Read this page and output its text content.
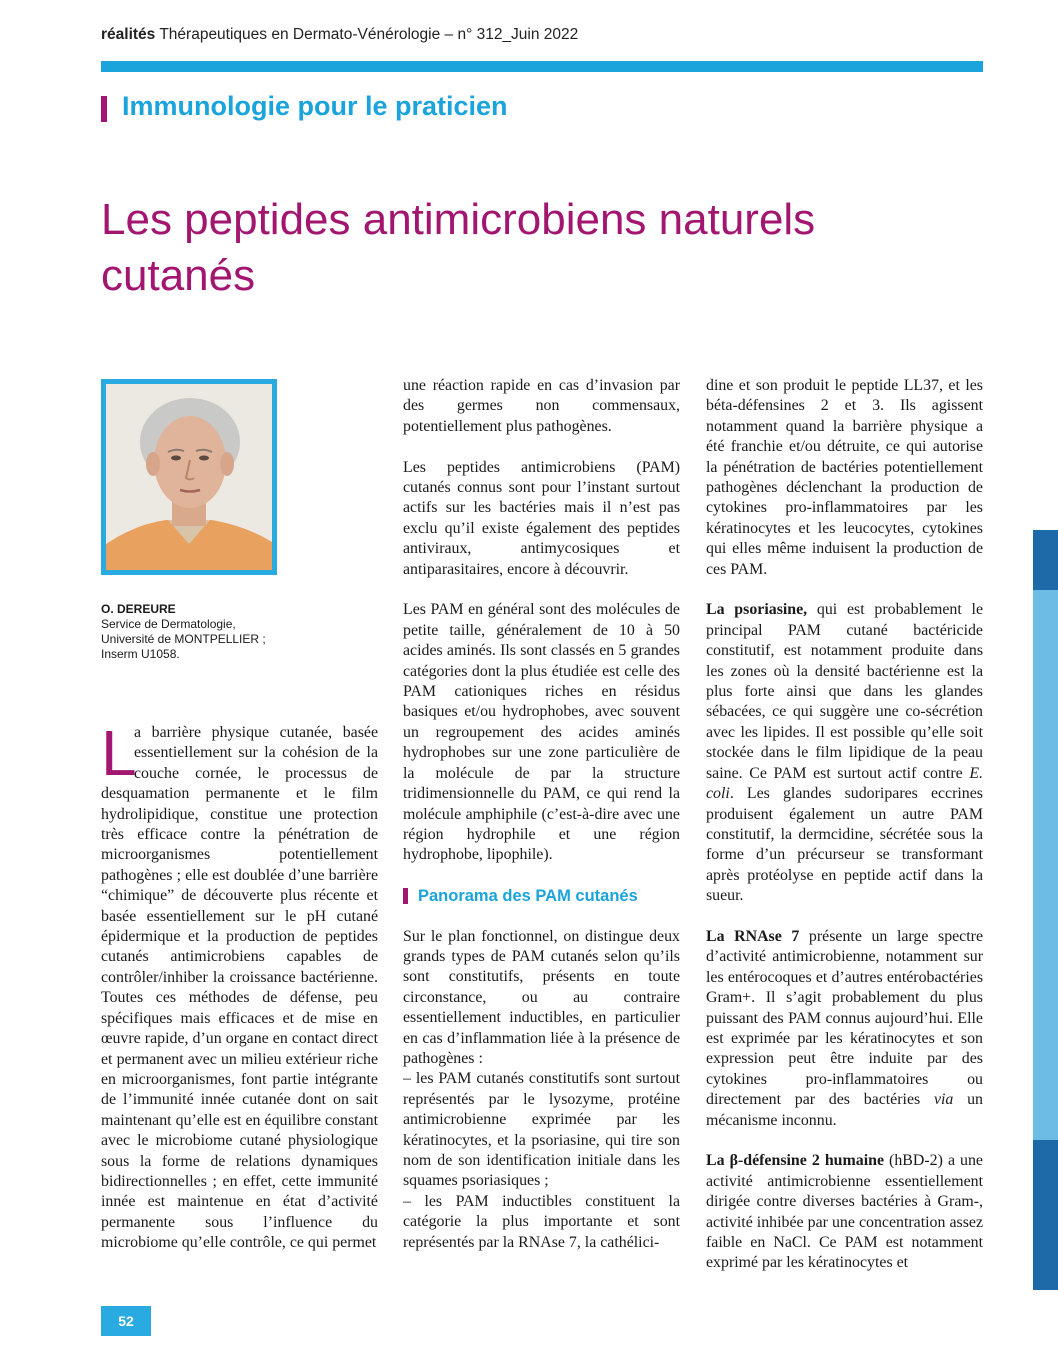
réalités Thérapeutiques en Dermato-Vénérologie – n° 312_Juin 2022
Immunologie pour le praticien
Les peptides antimicrobiens naturels cutanés
O. DEREURE
Service de Dermatologie,
Université de MONTPELLIER ;
Inserm U1058.
L

a barrière physique cutanée, basée essentiellement sur la cohésion de la couche cornée, le processus de desquamation permanente et le film hydrolipidique, constitue une protection très efficace contre la pénétration de microorganismes potentiellement pathogènes ; elle est doublée d’une barrière “chimique” de découverte plus récente et basée essentiellement sur le pH cutané épidermique et la production de peptides cutanés antimicrobiens capables de contrôler/inhiber la croissance bactérienne. Toutes ces méthodes de défense, peu spécifiques mais efficaces et de mise en œuvre rapide, d’un organe en contact direct et permanent avec un milieu extérieur riche en microorganismes, font partie intégrante de l’immunité innée cutanée dont on sait maintenant qu’elle est en équilibre constant avec le microbiome cutané physiologique sous la forme de relations dynamiques bidirectionnelles ; en effet, cette immunité innée est maintenue en état d’activité permanente sous l’influence du microbiome qu’elle contrôle, ce qui permet

une réaction rapide en cas d’invasion par des germes non commensaux, potentiellement plus pathogènes.

Les peptides antimicrobiens (PAM) cutanés connus sont pour l’instant surtout actifs sur les bactéries mais il n’est pas exclu qu’il existe également des peptides antiviraux, antimycosiques et antiparasitaires, encore à découvrir.

Les PAM en général sont des molécules de petite taille, généralement de 10 à 50 acides aminés. Ils sont classés en 5 grandes catégories dont la plus étudiée est celle des PAM cationiques riches en résidus basiques et/ou hydrophobes, avec souvent un regroupement des acides aminés hydrophobes sur une zone particulière de la molécule de par la structure tridimensionnelle du PAM, ce qui rend la molécule amphiphile (c’est-à-dire avec une région hydrophile et une région hydrophobe, lipophile).

Panorama des PAM cutanés

Sur le plan fonctionnel, on distingue deux grands types de PAM cutanés selon qu’ils sont constitutifs, présents en toute circonstance, ou au contraire essentiellement inductibles, en particulier en cas d’inflammation liée à la présence de pathogènes :

– les PAM cutanés constitutifs sont surtout représentés par le lysozyme, protéine antimicrobienne exprimée par les kératinocytes, et la psoriasine, qui tire son nom de son identification initiale dans les squames psoriasiques ;

– les PAM inductibles constituent la catégorie la plus importante et sont représentés par la RNAse 7, la cathélici-

dine et son produit le peptide LL37, et les béta-défensines 2 et 3. Ils agissent notamment quand la barrière physique a été franchie et/ou détruite, ce qui autorise la pénétration de bactéries potentiellement pathogènes déclenchant la production de cytokines pro-inflammatoires par les kératinocytes et les leucocytes, cytokines qui elles même induisent la production de ces PAM.

La psoriasine, qui est probablement le principal PAM cutané bactéricide constitutif, est notamment produite dans les zones où la densité bactérienne est la plus forte ainsi que dans les glandes sébacées, ce qui suggère une co-sécrétion avec les lipides. Il est possible qu’elle soit stockée dans le film lipidique de la peau saine. Ce PAM est surtout actif contre E. coli. Les glandes sudoripares eccrines produisent également un autre PAM constitutif, la dermcidine, sécrétée sous la forme d’un précurseur se transformant après protéolyse en peptide actif dans la sueur.

La RNAse 7 présente un large spectre d’activité antimicrobienne, notamment sur les entérocoques et d’autres entérobactéries Gram+. Il s’agit probablement du plus puissant des PAM connus aujourd’hui. Elle est exprimée par les kératinocytes et son expression peut être induite par des cytokines pro-inflammatoires ou directement par des bactéries via un mécanisme inconnu.

La β-défensine 2 humaine (hBD-2) a une activité antimicrobienne essentiellement dirigée contre diverses bactéries à Gram-, activité inhibée par une concentration assez faible en NaCl. Ce PAM est notamment exprimé par les kératinocytes et

52
